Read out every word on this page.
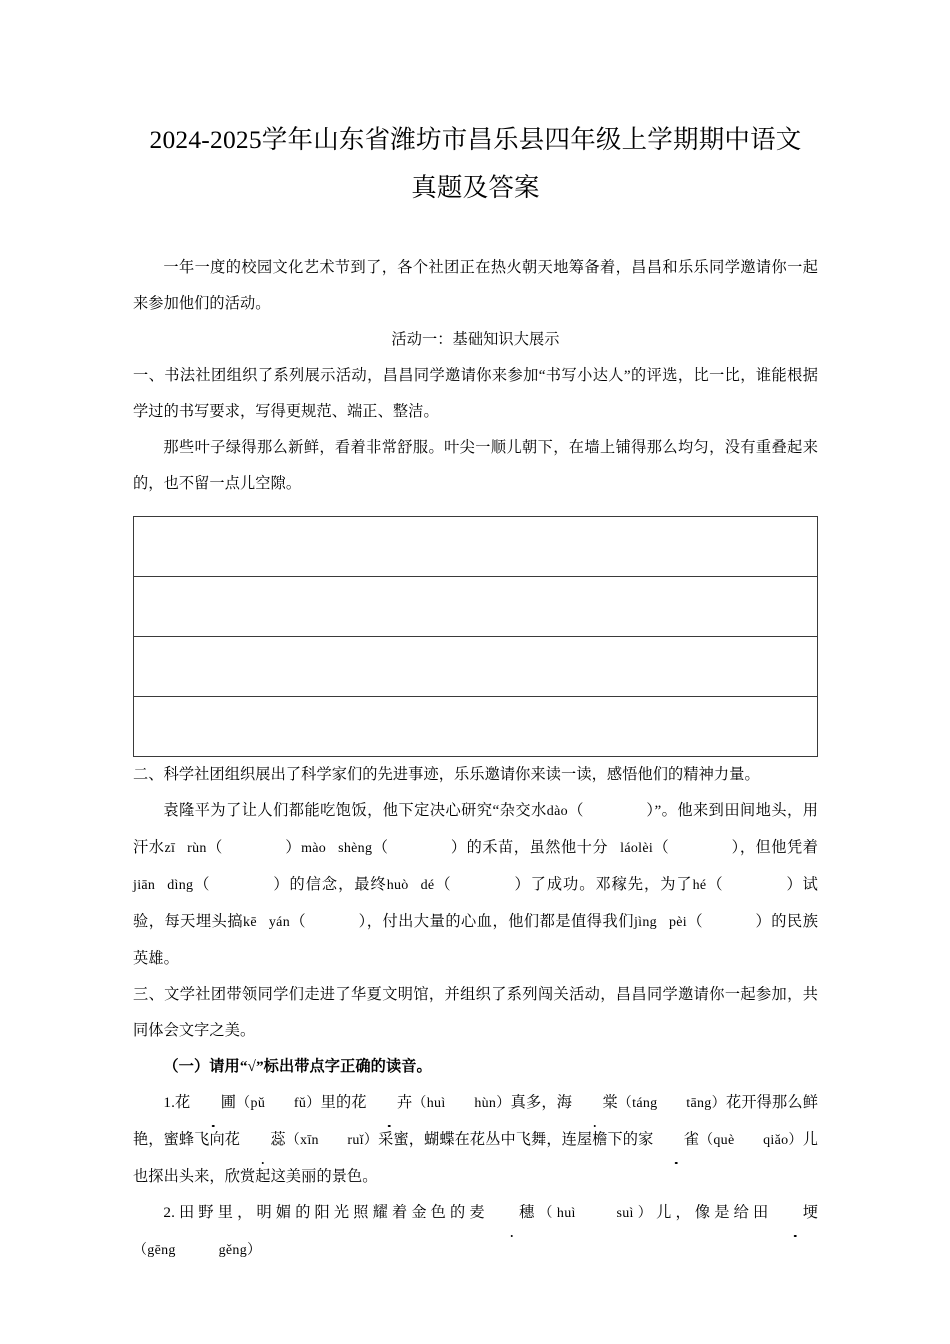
2024-2025学年山东省潍坊市昌乐县四年级上学期期中语文
真题及答案

一年一度的校园文化艺术节到了，各个社团正在热火朝天地筹备着，昌昌和乐乐同学邀请你一起来参加他们的活动。

活动一：基础知识大展示

一、书法社团组织了系列展示活动，昌昌同学邀请你来参加“书写小达人”的评选，比一比，谁能根据学过的书写要求，写得更规范、端正、整洁。

那些叶子绿得那么新鲜，看着非常舒服。叶尖一顺儿朝下，在墙上铺得那么均匀，没有重叠起来的，也不留一点儿空隙。

二、科学社团组织展出了科学家们的先进事迹，乐乐邀请你来读一读，感悟他们的精神力量。

袁隆平为了让人们都能吃饱饭，他下定决心研究“杂交水dào（	）”。他来到田间地头，用汗水zī rùn（	）mào shèng（	）的禾苗，虽然他十分 láolèi（	），但他凭着jiān dìng（	）的信念，最终huò dé（	）了成功。邓稼先，为了hé（	）试验，每天埋头搞kē yán（	），付出大量的心血，他们都是值得我们jìng pèi（	）的民族英雄。

三、文学社团带领同学们走进了华夏文明馆，并组织了系列闯关活动，昌昌同学邀请你一起参加，共同体会文字之美。

（一）请用“√”标出带点字正确的读音。

1.花 圃（pǔ　　fǔ）里的花 卉（huì　　hùn）真多，海 棠（táng　　tāng）花开得那么鲜艳，蜜蜂飞向花 蕊（xīn　　ruǐ）采蜜，蝴蝶在花丛中飞舞，连屋檐下的家 雀（què　　qiǎo）儿也探出头来，欣赏起这美丽的景色。

2.田野里，明媚的阳光照耀着金色的麦 穗（huì　　suì）儿，像是给田 埂（gēng　　　gěng）
